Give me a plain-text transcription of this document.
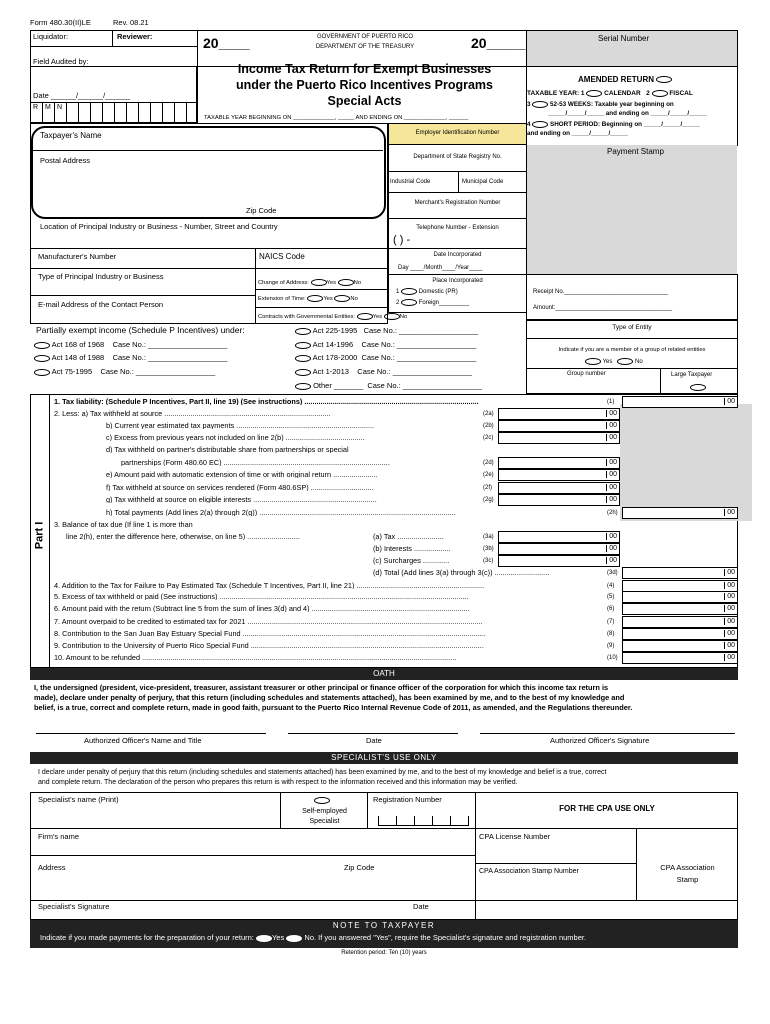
Form 480.30(II)LE	Rev. 08.21
Liquidator:	Reviewer:	20____	GOVERNMENT OF PUERTO RICO
DEPARTMENT OF THE TREASURY	20_____	Serial Number
Field Audited by:
Date ______/______/______
R M N
Income Tax Return for Exempt Businesses
under the Puerto Rico Incentives Programs
Special Acts
TAXABLE YEAR BEGINNING ON _____________, _____ AND ENDING ON _____________, ______
AMENDED RETURN
TAXABLE YEAR: 1	CALENDAR 2	FISCAL
3	52-53 WEEKS: Taxable year beginning on
_____/_____/_____ and ending on _____/_____/_____
4	SHORT PERIOD: Beginning on _____/_____/_____
and ending on _____/_____/_____
Payment Stamp
Taxpayer's Name
Postal Address
Zip Code
Location of Principal Industry or Business - Number, Street and Country
Manufacturer's Number	NAICS Code
Type of Principal Industry or Business
E-mail Address of the Contact Person
Change of Address:	Yes	No
Extension of Time:	Yes	No
Contracts with Governmental Entities:	Yes	No
Employer Identification Number
Department of State Registry No.
Industrial Code	Municipal Code
Merchant's Registration Number
Telephone Number - Extension
( ) -
Date Incorporated
Day ____/Month____/Year____
Place Incorporated
1	Domestic (PR)
2	Foreign_________
Receipt No._______________________________
Amount:___________________________________
Partially exempt income (Schedule P Incentives) under:
Act 168 of 1968 Case No.: ___________________
Act 148 of 1988 Case No.: ___________________
Act 75-1995 Case No.: ___________________
Act 225-1995 Case No.: ___________________
Act 14-1996 Case No.: ___________________
Act 178-2000 Case No.: ___________________
Act 1-2013 Case No.: ___________________
Other _______ Case No.: ___________________
Type of Entity
Indicate if you are a member of a group of related entities
Yes	No
Group number	Large Taxpayer
Part I
1. Tax liability: (Schedule P Incentives, Part II, line 19) (See instructions) ......................................................................................	(1)	00
2. Less: a) Tax withheld at source ..................................................................................	(2a)	00
b) Current year estimated tax payments ....................................................................	(2b)	00
c) Excess from previous years not included on line 2(b) .......................................	(2c)	00
d) Tax withheld on partner's distributable share from partnerships or special
partnerships (Form 480.60 EC) ..................................................................................	(2d)	00
e) Amount paid with automatic extension of time or with original return ......................	(2e)	00
f) Tax withheld at source on services rendered (Form 480.6SP) ...............................	(2f)	00
g) Tax withheld at source on eligible interests .............................................................	(2g)	00
h) Total payments (Add lines 2(a) through 2(g)) .................................................................................................	(2h)	00
3. Balance of tax due (If line 1 is more than
line 2(h), enter the difference here, otherwise, on line 5) ..........................
4. Addition to the Tax for Failure to Pay Estimated Tax (Schedule T Incentives, Part II, line 21) ...............................................................	(4)	00
5. Excess of tax withheld or paid (See instructions) ...........................................................................................................................	(5)	00
6. Amount paid with the return (Subtract line 5 from the sum of lines 3(d) and 4) ..............................................................................	(6)	00
7. Amount overpaid to be credited to estimated tax for 2021 ....................................................................................................................	(7)	00
8. Contribution to the San Juan Bay Estuary Special Fund ........................................................................................................................	(8)	00
9. Contribution to the University of Puerto Rico Special Fund ...................................................................................................................	(9)	00
10. Amount to be refunded ...........................................................................................................................................................	(10)	00
(a) Tax .......................	(3a)	00
(b) Interests ..................	(3b)	00
(c) Surcharges .............	(3c)	00
(d) Total (Add lines 3(a) through 3(c)) ...........................	(3d)	00
OATH
I, the undersigned (president, vice-president, treasurer, assistant treasurer or other principal or finance officer of the corporation for which this income tax return is
made), declare under penalty of perjury, that this return (including schedules and statements attached), has been examined by me, and to the best of my knowledge and
belief, is a true, correct and complete return, made in good faith, pursuant to the Puerto Rico Internal Revenue Code of 2011, as amended, and the Regulations thereunder.
Authorized Officer's Name and Title	Date	Authorized Officer's Signature
SPECIALIST'S USE ONLY
I declare under penalty of perjury that this return (including schedules and statements attached) has been examined by me, and to the best of my knowledge and belief is a true, correct
and complete return. The declaration of the person who prepares this return is with respect to the information received and this information may be verified.
Specialist's name (Print)
Self-employed
Specialist
Registration Number
FOR THE CPA USE ONLY
Firm's name	CPA License Number
Address	Zip Code	CPA Association Stamp Number	CPA Association
Stamp
Specialist's Signature	Date
NOTE TO TAXPAYER
Indicate if you made payments for the preparation of your return: Yes	No. If you answered "Yes", require the Specialist's signature and registration number.
Retention period: Ten (10) years
